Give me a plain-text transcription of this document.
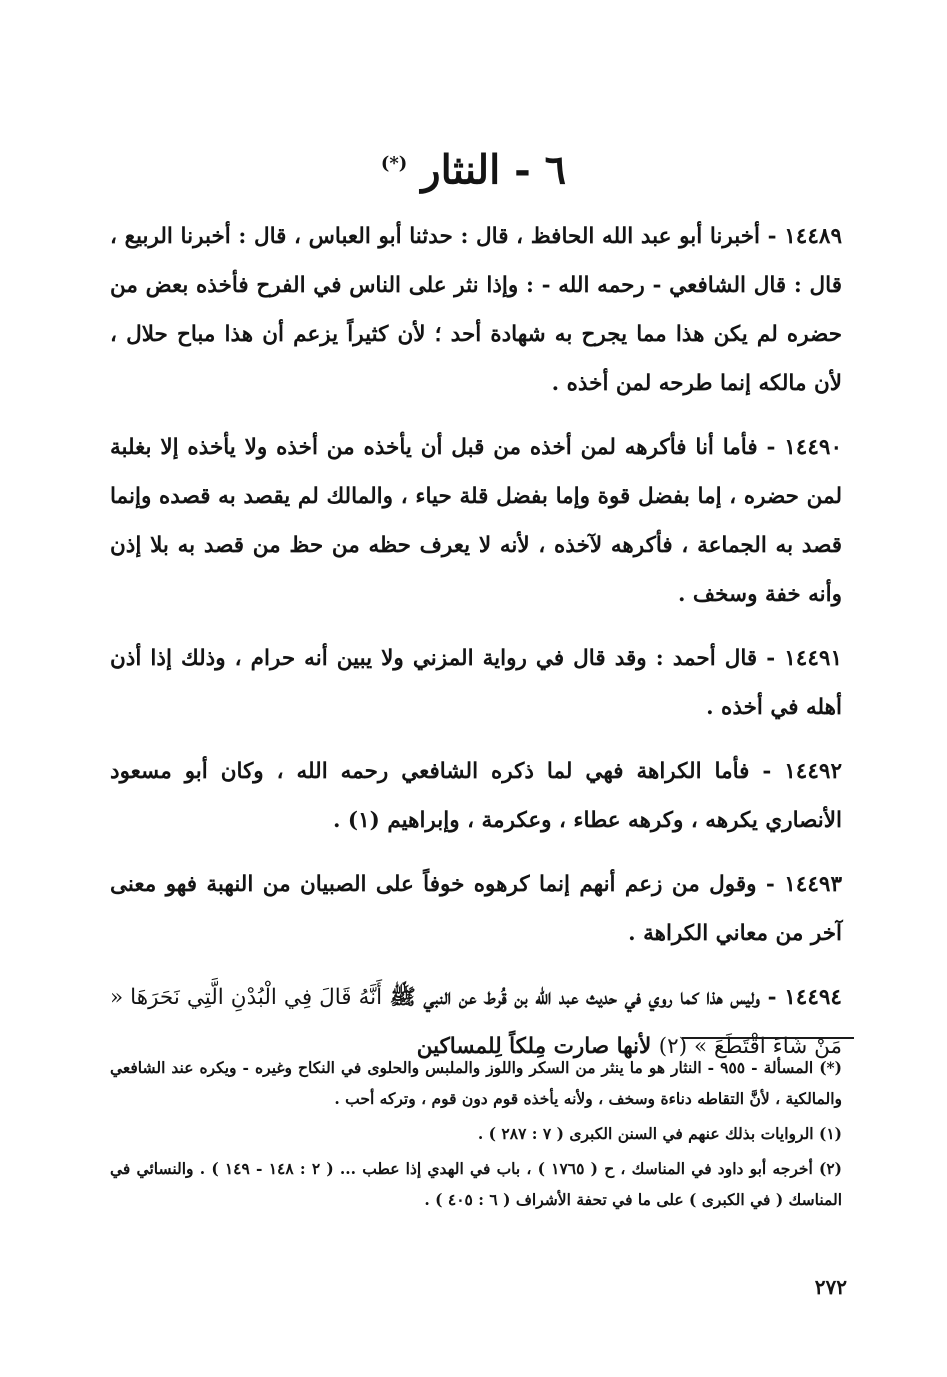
٦ - النثار (*)

١٤٤٨٩ - أخبرنا أبو عبد الله الحافظ ، قال : حدثنا أبو العباس ، قال : أخبرنا الربيع ، قال : قال الشافعي - رحمه الله - : وإذا نثر على الناس في الفرح فأخذه بعض من حضره لم يكن هذا مما يجرح به شهادة أحد ؛ لأن كثيراً يزعم أن هذا مباح حلال ، لأن مالكه إنما طرحه لمن أخذه .

١٤٤٩٠ - فأما أنا فأكرهه لمن أخذه من قبل أن يأخذه من أخذه ولا يأخذه إلا بغلبة لمن حضره ، إما بفضل قوة وإما بفضل قلة حياء ، والمالك لم يقصد به قصده وإنما قصد به الجماعة ، فأكرهه لآخذه ، لأنه لا يعرف حظه من حظ من قصد به بلا إذن وأنه خفة وسخف .

١٤٤٩١ - قال أحمد : وقد قال في رواية المزني ولا يبين أنه حرام ، وذلك إذا أذن أهله في أخذه .

١٤٤٩٢ - فأما الكراهة فهي لما ذكره الشافعي رحمه الله ، وكان أبو مسعود الأنصاري يكرهه ، وكرهه عطاء ، وعكرمة ، وإبراهيم (١) .

١٤٤٩٣ - وقول من زعم أنهم إنما كرهوه خوفاً على الصبيان من النهبة فهو معنى آخر من معاني الكراهة .

١٤٤٩٤ - وليس هذا كما روي في حديث عبد الله بن قُرط عن النبي ﷺ أَنَّهُ قَالَ فِي الْبُدْنِ الَّتِي نَحَرَهَا « مَنْ شَاءَ اقْتَطَعَ » (٢) لأنها صارت مِلكاً لِلمساكين

(*) المسألة - ٩٥٥ - النثار هو ما ينثر من السكر واللوز والملبس والحلوى في النكاح وغيره - ويكره عند الشافعي والمالكية ، لأنَّ التقاطه دناءة وسخف ، ولأنه يأخذه قوم دون قوم ، وتركه أحب .

(١) الروايات بذلك عنهم في السنن الكبرى ( ٧ : ٢٨٧ ) .

(٢) أخرجه أبو داود في المناسك ، ح ( ١٧٦٥ ) ، باب في الهدي إذا عطب ... ( ٢ : ١٤٨ - ١٤٩ ) . والنسائي في المناسك ( في الكبرى ) على ما في تحفة الأشراف ( ٦ : ٤٠٥ ) .

٢٧٢
